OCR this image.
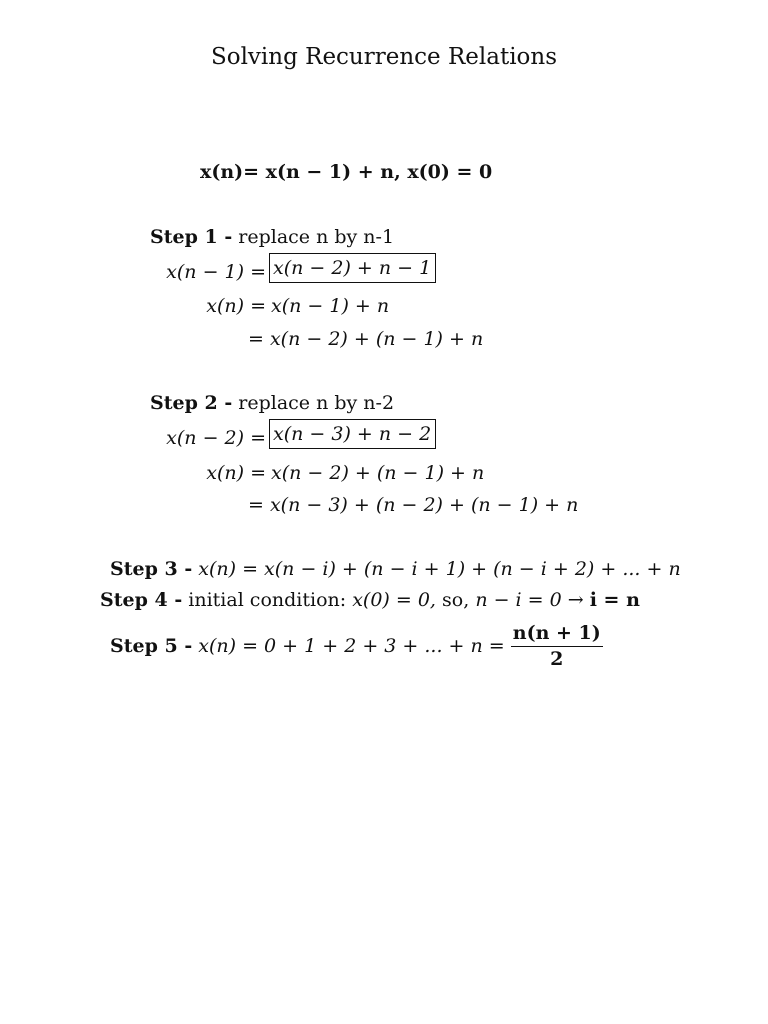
Solving Recurrence Relations
x(n)= x(n − 1) + n, x(0) = 0
Step 1 - replace n by n-1
x(n − 1) = x(n − 2) + n − 1
x(n) = x(n − 1) + n
= x(n − 2) + (n − 1) + n
Step 2 - replace n by n-2
x(n − 2) = x(n − 3) + n − 2
x(n) = x(n − 2) + (n − 1) + n
= x(n − 3) + (n − 2) + (n − 1) + n
Step 3 - x(n) = x(n − i) + (n − i + 1) + (n − i + 2) + ... + n
Step 4 - initial condition: x(0) = 0, so, n − i = 0 → i = n
Step 5 - x(n) = 0 + 1 + 2 + 3 + ... + $n = \frac{n(n + 1)}{2}$
